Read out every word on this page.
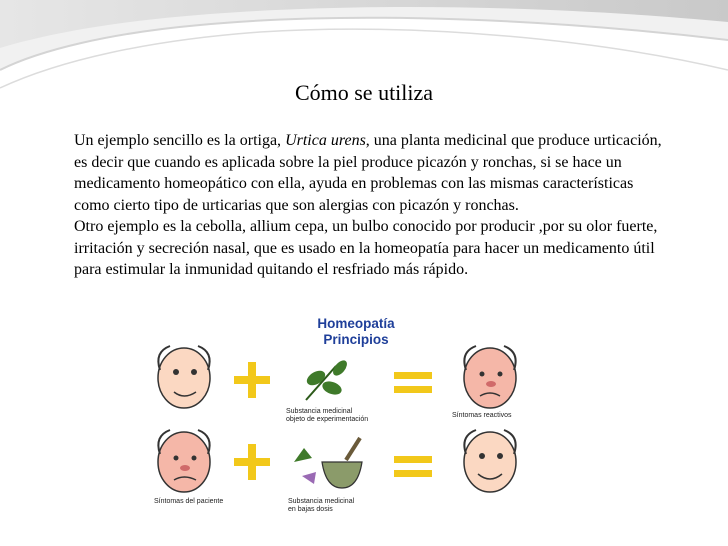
Cómo se utiliza
Un ejemplo sencillo es la ortiga, Urtica urens, una planta medicinal que produce urticación, es decir que cuando es aplicada sobre la piel produce picazón y ronchas, si se hace un medicamento homeopático con ella, ayuda en problemas con las mismas características como cierto tipo de urticarias que son alergias con picazón y ronchas.
Otro ejemplo es la cebolla, allium cepa, un bulbo conocido por producir ,por su olor fuerte, irritación y secreción nasal, que es usado en la homeopatía para hacer un medicamento útil para estimular la inmunidad quitando el resfriado más rápido.
Homeopatía
Principios
Substancia medicinal
objeto de experimentación
Síntomas reactivos
Síntomas del paciente	Substancia medicinal
en bajas dosis
